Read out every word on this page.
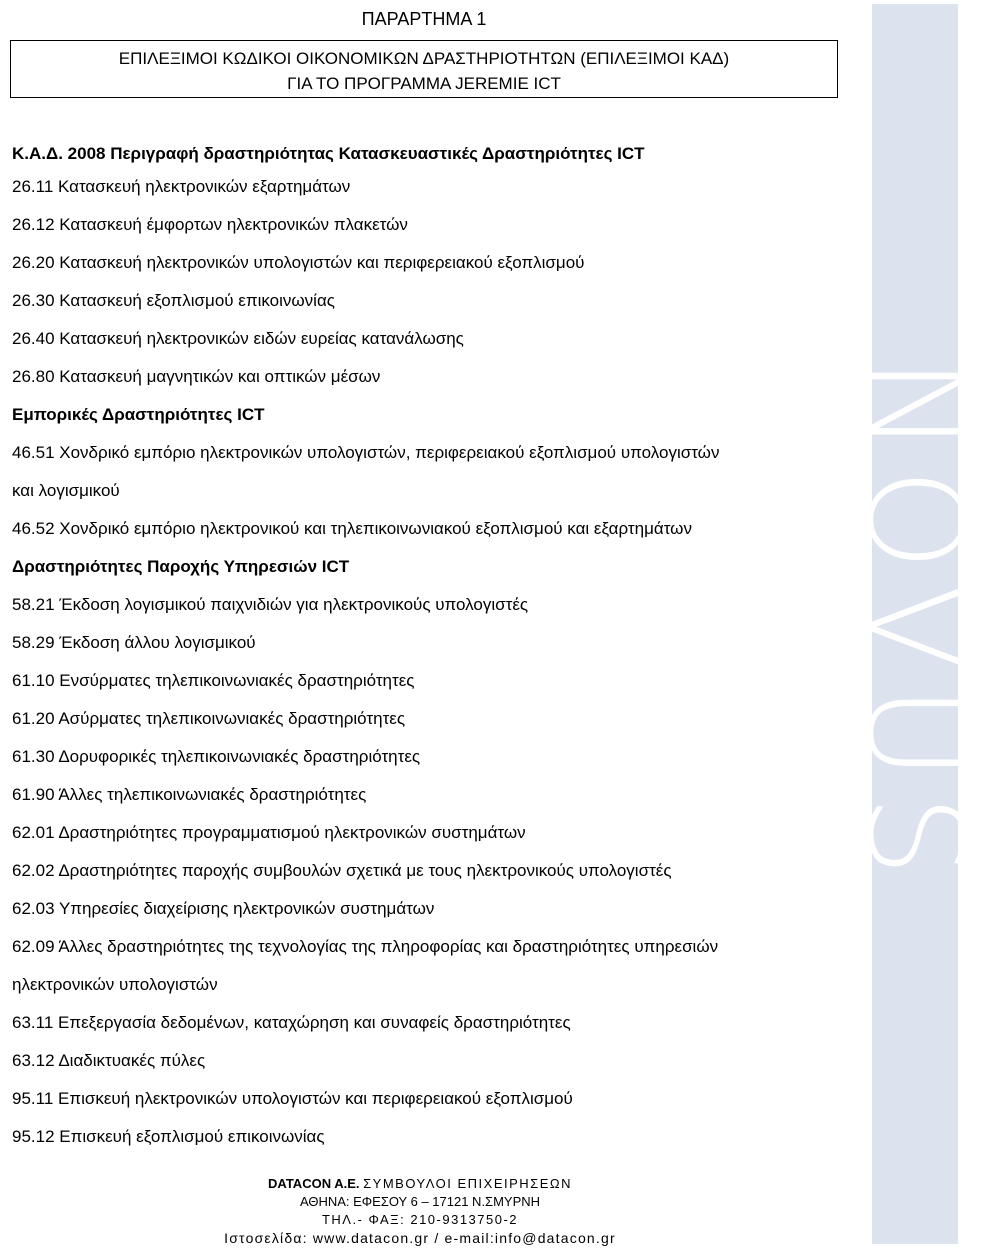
ΠΑΡΑΡΤΗΜΑ 1
ΕΠΙΛΕΞΙΜΟΙ ΚΩΔΙΚΟΙ ΟΙΚΟΝΟΜΙΚΩΝ ΔΡΑΣΤΗΡΙΟΤΗΤΩΝ (ΕΠΙΛΕΞΙΜΟΙ ΚΑΔ)
ΓΙΑ ΤΟ ΠΡΟΓΡΑΜΜΑ JEREMIE ICT
Κ.Α.Δ. 2008 Περιγραφή δραστηριότητας Κατασκευαστικές Δραστηριότητες ICT
26.11 Κατασκευή ηλεκτρονικών εξαρτημάτων
26.12 Κατασκευή έμφορτων ηλεκτρονικών πλακετών
26.20 Κατασκευή ηλεκτρονικών υπολογιστών και περιφερειακού εξοπλισμού
26.30 Κατασκευή εξοπλισμού επικοινωνίας
26.40 Κατασκευή ηλεκτρονικών ειδών ευρείας κατανάλωσης
26.80 Κατασκευή μαγνητικών και οπτικών μέσων
Εμπορικές Δραστηριότητες ICT
46.51 Χονδρικό εμπόριο ηλεκτρονικών υπολογιστών, περιφερειακού εξοπλισμού υπολογιστών
και λογισμικού
46.52 Χονδρικό εμπόριο ηλεκτρονικού και τηλεπικοινωνιακού εξοπλισμού και εξαρτημάτων
Δραστηριότητες Παροχής Υπηρεσιών ICT
58.21 Έκδοση λογισμικού παιχνιδιών για ηλεκτρονικούς υπολογιστές
58.29 Έκδοση άλλου λογισμικού
61.10 Ενσύρματες τηλεπικοινωνιακές δραστηριότητες
61.20 Ασύρματες τηλεπικοινωνιακές δραστηριότητες
61.30 Δορυφορικές τηλεπικοινωνιακές δραστηριότητες
61.90 Άλλες τηλεπικοινωνιακές δραστηριότητες
62.01 Δραστηριότητες προγραμματισμού ηλεκτρονικών συστημάτων
62.02 Δραστηριότητες παροχής συμβουλών σχετικά με τους ηλεκτρονικούς υπολογιστές
62.03 Υπηρεσίες διαχείρισης ηλεκτρονικών συστημάτων
62.09 Άλλες δραστηριότητες της τεχνολογίας της πληροφορίας και δραστηριότητες υπηρεσιών
ηλεκτρονικών υπολογιστών
63.11 Επεξεργασία δεδομένων, καταχώρηση και συναφείς δραστηριότητες
63.12 Διαδικτυακές πύλες
95.11 Επισκευή ηλεκτρονικών υπολογιστών και περιφερειακού εξοπλισμού
95.12 Επισκευή εξοπλισμού επικοινωνίας
NOVUS
DATACON A.E. ΣΥΜΒΟΥΛΟΙ ΕΠΙΧΕΙΡΗΣΕΩΝ
ΑΘΗΝΑ: ΕΦΕΣΟΥ 6 – 17121 Ν.ΣΜΥΡΝΗ
ΤΗΛ.- ΦΑΞ: 210-9313750-2
Ιστοσελίδα: www.datacon.gr / e-mail:info@datacon.gr
